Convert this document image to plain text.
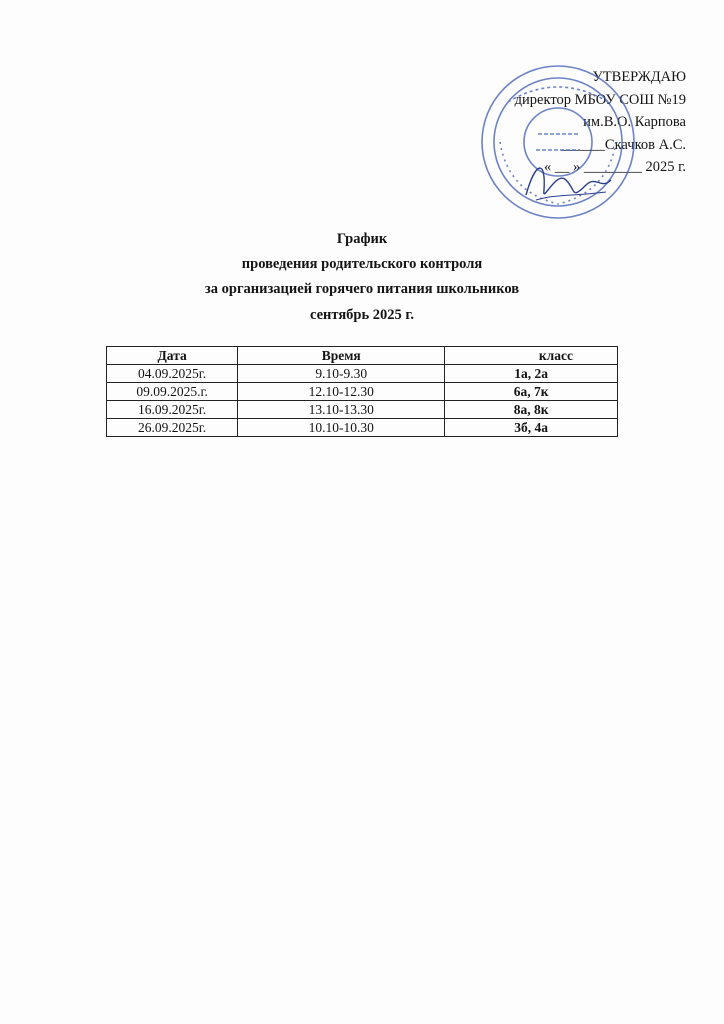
УТВЕРЖДАЮ
директор МБОУ СОШ №19
им.В.О. Карпова
______Скачков А.С.
« __ » ________ 2025 г.
График
проведения родительского контроля
за организацией горячего питания школьников
сентябрь 2025 г.
Дата	Время	класс
04.09.2025г.	9.10-9.30	1а, 2а
09.09.2025.г.	12.10-12.30	6а, 7к
16.09.2025г.	13.10-13.30	8а, 8к
26.09.2025г.	10.10-10.30	3б, 4а
